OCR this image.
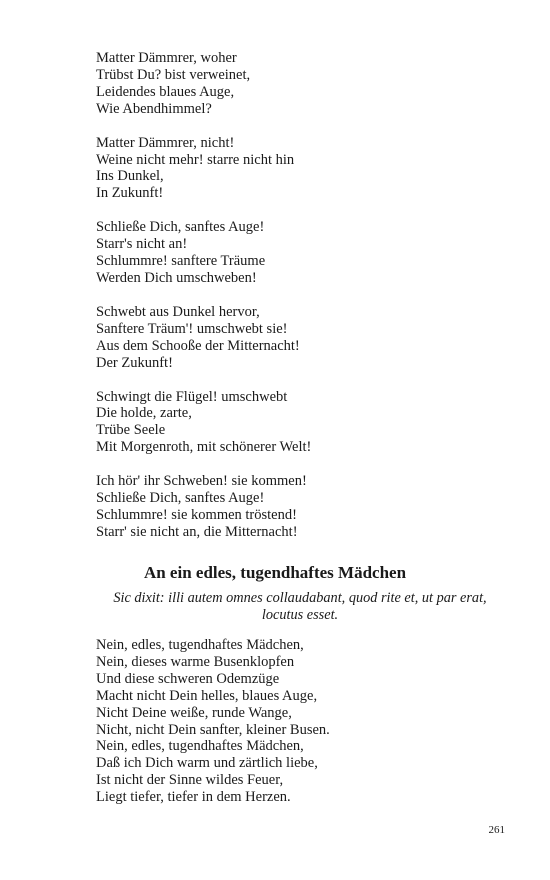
Matter Dämmrer, woher
Trübst Du? bist verweinet,
Leidendes blaues Auge,
Wie Abendhimmel?
Matter Dämmrer, nicht!
Weine nicht mehr! starre nicht hin
Ins Dunkel,
In Zukunft!
Schließe Dich, sanftes Auge!
Starr's nicht an!
Schlummre! sanftere Träume
Werden Dich umschweben!
Schwebt aus Dunkel hervor,
Sanftere Träum'! umschwebt sie!
Aus dem Schooße der Mitternacht!
Der Zukunft!
Schwingt die Flügel! umschwebt
Die holde, zarte,
Trübe Seele
Mit Morgenroth, mit schönerer Welt!
Ich hör' ihr Schweben! sie kommen!
Schließe Dich, sanftes Auge!
Schlummre! sie kommen tröstend!
Starr' sie nicht an, die Mitternacht!
An ein edles, tugendhaftes Mädchen
Sic dixit: illi autem omnes collaudabant, quod rite et, ut par erat, locutus esset.
Nein, edles, tugendhaftes Mädchen,
Nein, dieses warme Busenklopfen
Und diese schweren Odemzüge
Macht nicht Dein helles, blaues Auge,
Nicht Deine weiße, runde Wange,
Nicht, nicht Dein sanfter, kleiner Busen.
Nein, edles, tugendhaftes Mädchen,
Daß ich Dich warm und zärtlich liebe,
Ist nicht der Sinne wildes Feuer,
Liegt tiefer, tiefer in dem Herzen.
261
